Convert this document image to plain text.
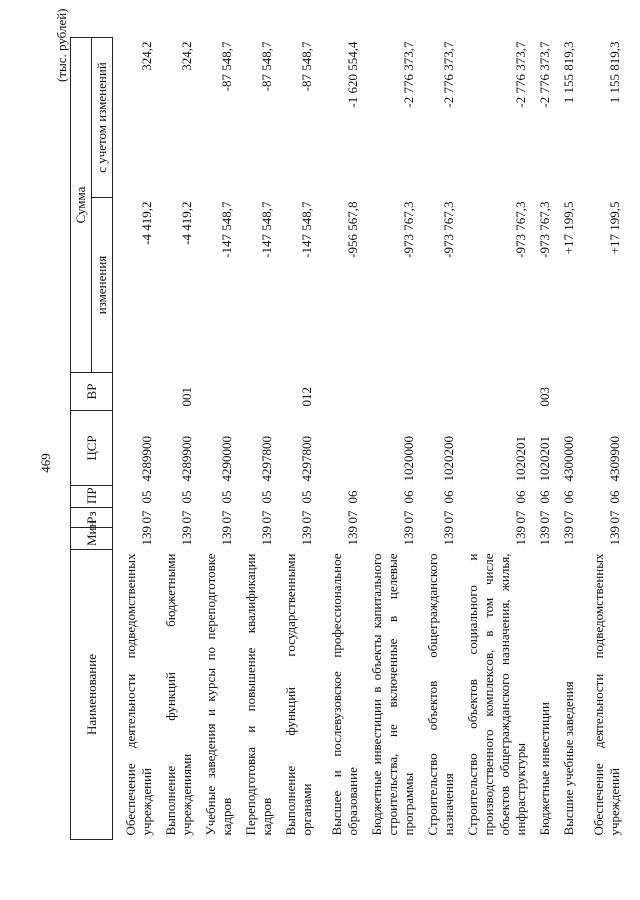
469
(тыс. рублей)
Наименование	Мин	Рз	ПР	ЦСР	ВР	Сумма	
						изменения	с учетом изменений
Обеспечение деятельности подведомственных учреждений	139	07	05	4289900		-4 419,2	324,2
Выполнение функций бюджетными учреждениями	139	07	05	4289900	001	-4 419,2	324,2
Учебные заведения и курсы по переподготовке кадров	139	07	05	4290000		-147 548,7	-87 548,7
Переподготовка и повышение квалификации кадров	139	07	05	4297800		-147 548,7	-87 548,7
Выполнение функций государственными органами	139	07	05	4297800	012	-147 548,7	-87 548,7
Высшее и послевузовское профессиональное образование	139	07	06			-956 567,8	-1 620 554,4
Бюджетные инвестиции в объекты капитального строительства, не включенные в целевые программы	139	07	06	1020000		-973 767,3	-2 776 373,7
Строительство объектов общегражданского назначения	139	07	06	1020200		-973 767,3	-2 776 373,7
Строительство объектов социального и производственного комплексов, в том числе объектов общегражданского назначения, жилья, инфраструктуры	139	07	06	1020201		-973 767,3	-2 776 373,7
Бюджетные инвестиции	139	07	06	1020201	003	-973 767,3	-2 776 373,7
Высшие учебные заведения	139	07	06	4300000		+17 199,5	1 155 819,3
Обеспечение деятельности подведомственных учреждений	139	07	06	4309900		+17 199,5	1 155 819,3
